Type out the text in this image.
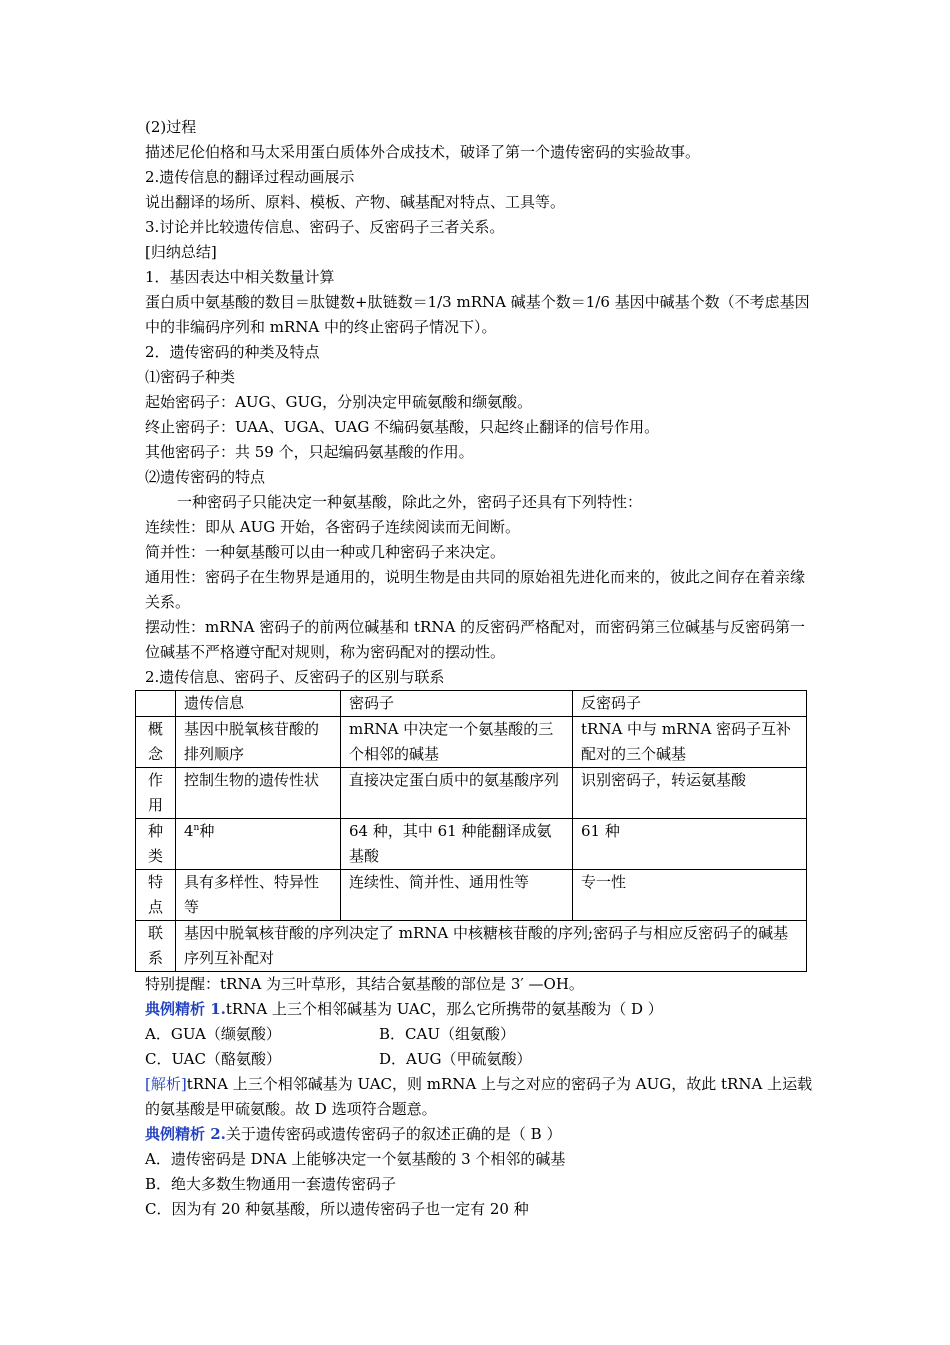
(2)过程

描述尼伦伯格和马太采用蛋白质体外合成技术，破译了第一个遗传密码的实验故事。

2.遗传信息的翻译过程动画展示

说出翻译的场所、原料、模板、产物、碱基配对特点、工具等。

3.讨论并比较遗传信息、密码子、反密码子三者关系。

[归纳总结]

1．基因表达中相关数量计算

蛋白质中氨基酸的数目＝肽键数+肽链数＝1/3 mRNA 碱基个数＝1/6 基因中碱基个数（不考虑基因中的非编码序列和 mRNA 中的终止密码子情况下）。

2．遗传密码的种类及特点

⑴密码子种类

起始密码子：AUG、GUG，分别决定甲硫氨酸和缬氨酸。

终止密码子：UAA、UGA、UAG 不编码氨基酸，只起终止翻译的信号作用。

其他密码子：共 59 个，只起编码氨基酸的作用。

⑵遗传密码的特点

一种密码子只能决定一种氨基酸，除此之外，密码子还具有下列特性：

连续性：即从 AUG 开始，各密码子连续阅读而无间断。

简并性：一种氨基酸可以由一种或几种密码子来决定。

通用性：密码子在生物界是通用的，说明生物是由共同的原始祖先进化而来的，彼此之间存在着亲缘关系。

摆动性：mRNA 密码子的前两位碱基和 tRNA 的反密码严格配对，而密码第三位碱基与反密码第一位碱基不严格遵守配对规则，称为密码配对的摆动性。

2.遗传信息、密码子、反密码子的区别与联系

	遗传信息	密码子	反密码子
概念	基因中脱氧核苷酸的排列顺序	mRNA 中决定一个氨基酸的三个相邻的碱基	tRNA 中与 mRNA 密码子互补配对的三个碱基
作用	控制生物的遗传性状	直接决定蛋白质中的氨基酸序列	识别密码子，转运氨基酸
种类	4$^n$种	64 种，其中 61 种能翻译成氨基酸	61 种
特点	具有多样性、特异性等	连续性、简并性、通用性等	专一性
联系	基因中脱氧核苷酸的序列决定了 mRNA 中核糖核苷酸的序列;密码子与相应反密码子的碱基序列互补配对		

特别提醒：tRNA 为三叶草形，其结合氨基酸的部位是 3′ —OH。

典例精析 1.tRNA 上三个相邻碱基为 UAC，那么它所携带的氨基酸为（ D ）

A．GUA（缬氨酸）	B．CAU（组氨酸）

C．UAC（酪氨酸）	D．AUG（甲硫氨酸）

[解析]tRNA 上三个相邻碱基为 UAC，则 mRNA 上与之对应的密码子为 AUG，故此 tRNA 上运载的氨基酸是甲硫氨酸。故 D 选项符合题意。

典例精析 2.关于遗传密码或遗传密码子的叙述正确的是（ B ）

A．遗传密码是 DNA 上能够决定一个氨基酸的 3 个相邻的碱基

B．绝大多数生物通用一套遗传密码子

C．因为有 20 种氨基酸，所以遗传密码子也一定有 20 种
